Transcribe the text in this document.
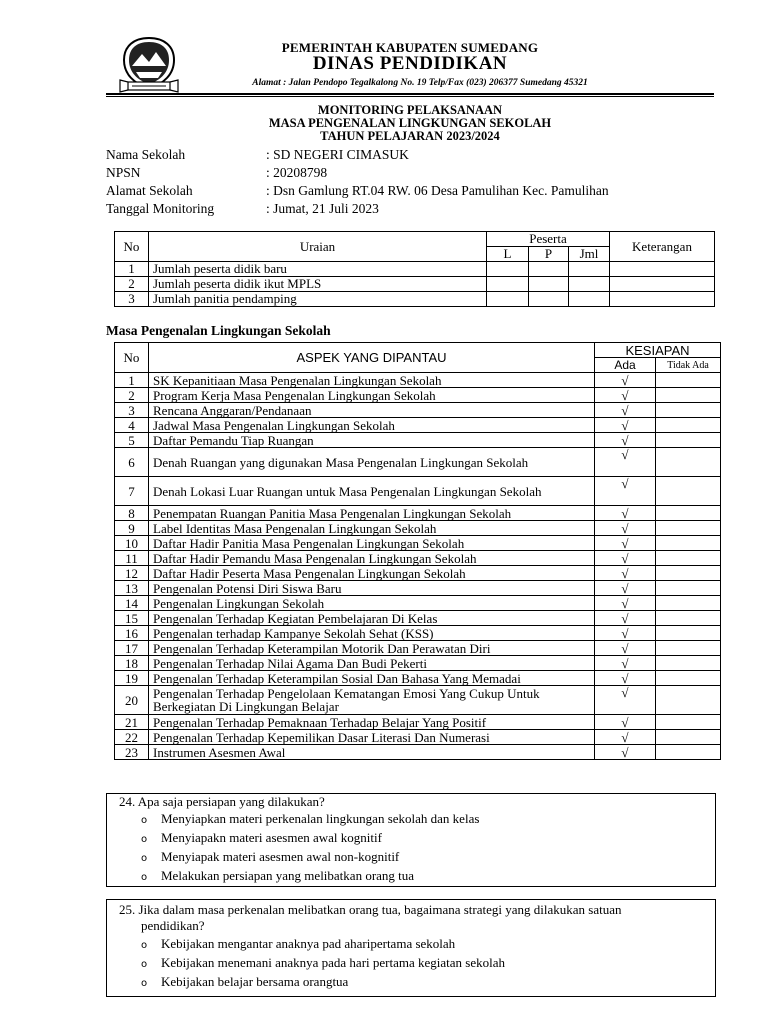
PEMERINTAH KABUPATEN SUMEDANG
DINAS PENDIDIKAN
Alamat : Jalan Pendopo Tegalkalong No. 19 Telp/Fax (023) 206377 Sumedang 45321
MONITORING PELAKSANAAN
MASA PENGENALAN LINGKUNGAN SEKOLAH
TAHUN PELAJARAN 2023/2024
Nama Sekolah	: SD NEGERI CIMASUK
NPSN	: 20208798
Alamat Sekolah	: Dsn Gamlung RT.04 RW. 06 Desa Pamulihan Kec. Pamulihan
Tanggal Monitoring	: Jumat, 21 Juli 2023
No	Uraian	Peserta			Keterangan
		L	P	Jml	
1	Jumlah peserta didik baru				
2	Jumlah peserta didik ikut MPLS				
3	Jumlah panitia pendamping				
Masa Pengenalan Lingkungan Sekolah
No	ASPEK YANG DIPANTAU	KESIAPAN	
		Ada	Tidak Ada
1	SK Kepanitiaan Masa Pengenalan Lingkungan Sekolah	√	
2	Program Kerja Masa Pengenalan Lingkungan Sekolah	√	
3	Rencana Anggaran/Pendanaan	√	
4	Jadwal Masa Pengenalan Lingkungan Sekolah	√	
5	Daftar Pemandu Tiap Ruangan	√	
6	Denah Ruangan yang digunakan Masa Pengenalan Lingkungan Sekolah	√	
7	Denah Lokasi Luar Ruangan untuk Masa Pengenalan Lingkungan Sekolah	√	
8	Penempatan Ruangan Panitia Masa Pengenalan Lingkungan Sekolah	√	
9	Label Identitas Masa Pengenalan Lingkungan Sekolah	√	
10	Daftar Hadir Panitia Masa Pengenalan Lingkungan Sekolah	√	
11	Daftar Hadir Pemandu Masa Pengenalan Lingkungan Sekolah	√	
12	Daftar Hadir Peserta Masa Pengenalan Lingkungan Sekolah	√	
13	Pengenalan Potensi Diri Siswa Baru	√	
14	Pengenalan Lingkungan Sekolah	√	
15	Pengenalan Terhadap Kegiatan Pembelajaran Di Kelas	√	
16	Pengenalan terhadap Kampanye Sekolah Sehat (KSS)	√	
17	Pengenalan Terhadap Keterampilan Motorik Dan Perawatan Diri	√	
18	Pengenalan Terhadap Nilai Agama Dan Budi Pekerti	√	
19	Pengenalan Terhadap Keterampilan Sosial Dan Bahasa Yang Memadai	√	
20	Pengenalan Terhadap Pengelolaan Kematangan Emosi Yang Cukup Untuk Berkegiatan Di Lingkungan Belajar	√	
21	Pengenalan Terhadap Pemaknaan Terhadap Belajar Yang Positif	√	
22	Pengenalan Terhadap Kepemilikan Dasar Literasi Dan Numerasi	√	
23	Instrumen Asesmen Awal	√	
24. Apa saja persiapan yang dilakukan?
o Menyiapkan materi perkenalan lingkungan sekolah dan kelas
o Menyiapakn materi asesmen awal kognitif
o Menyiapak materi asesmen awal non-kognitif
o Melakukan persiapan yang melibatkan orang tua
25. Jika dalam masa perkenalan melibatkan orang tua, bagaimana strategi yang dilakukan satuan
pendidikan?
o Kebijakan mengantar anaknya pad aharipertama sekolah
o Kebijakan menemani anaknya pada hari pertama kegiatan sekolah
o Kebijakan belajar bersama orangtua
